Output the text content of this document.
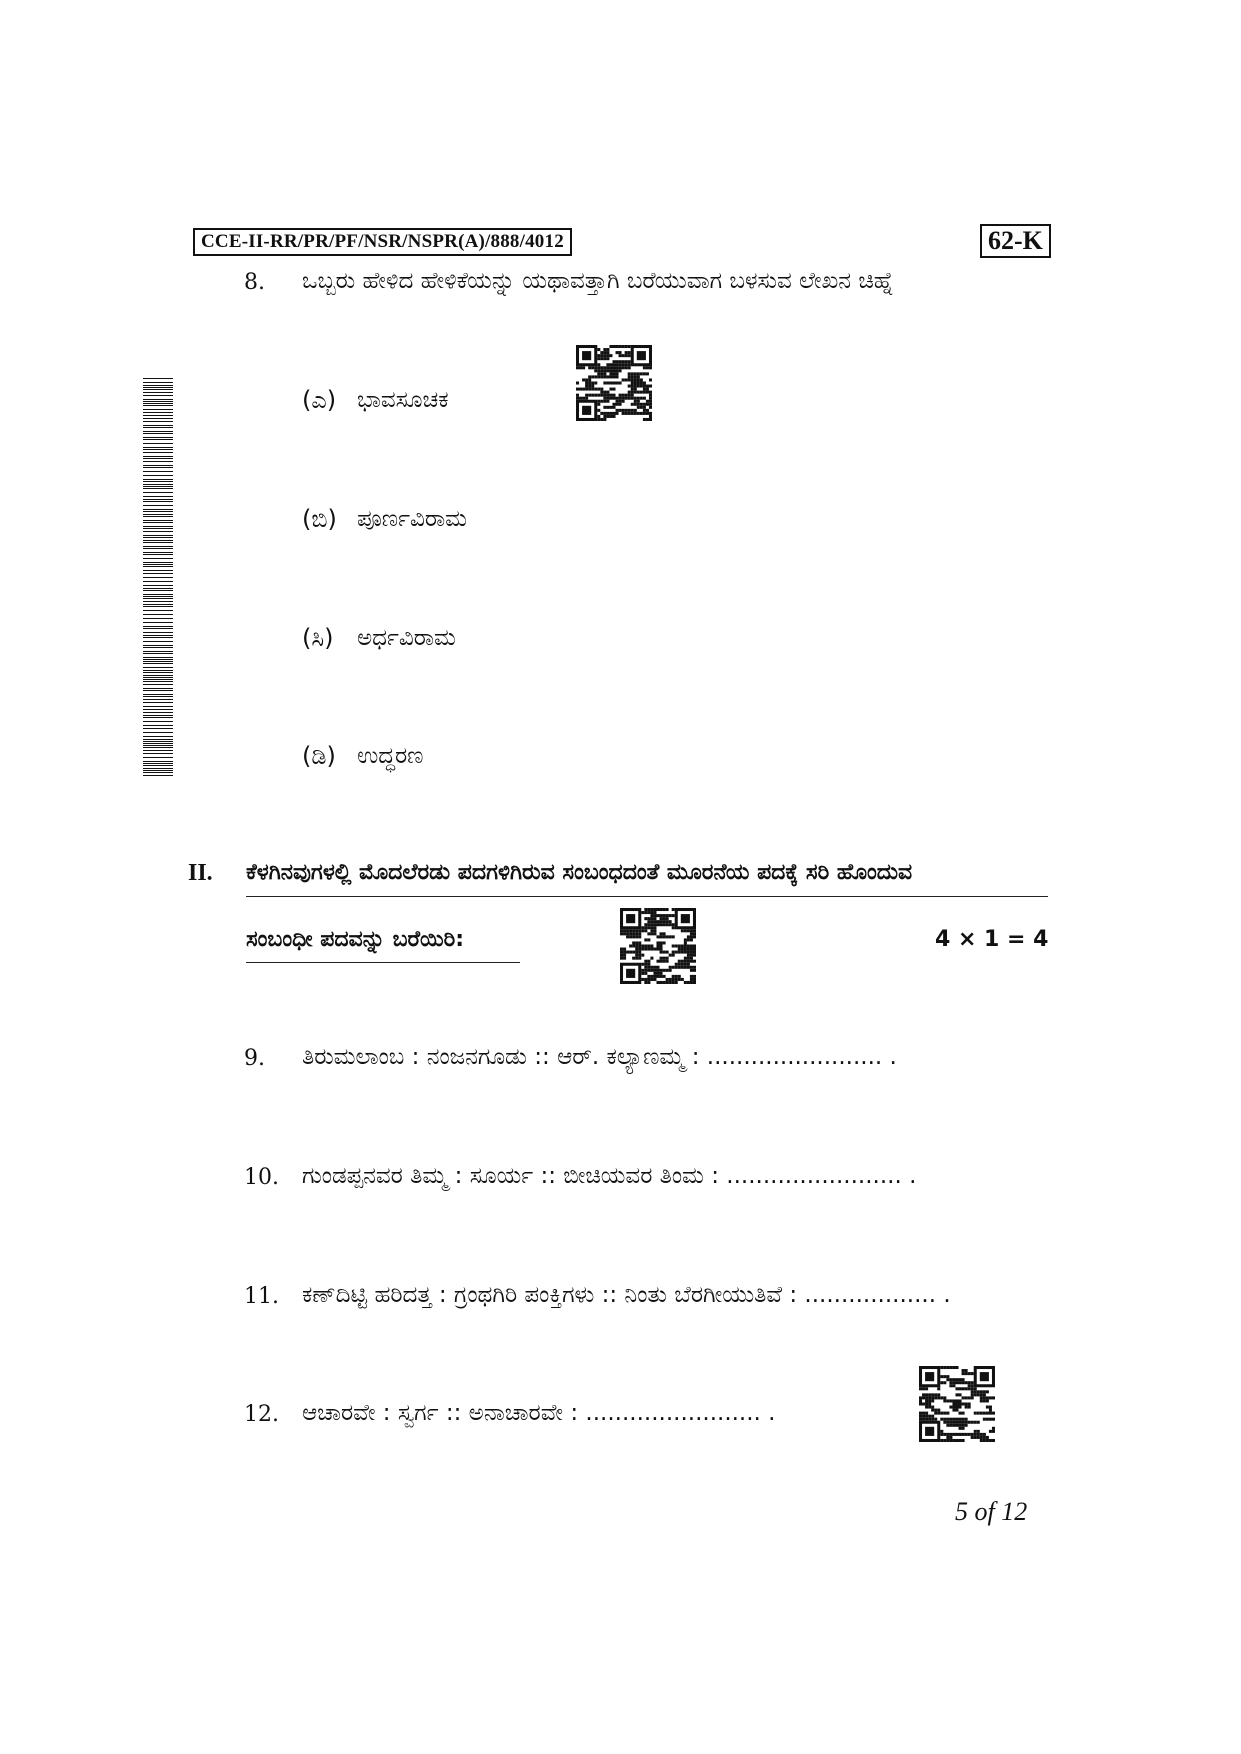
CCE-II-RR/PR/PF/NSR/NSPR(A)/888/4012	62-K
8. ಒಬ್ಬರು ಹೇಳಿದ ಹೇಳಿಕೆಯನ್ನು ಯಥಾವತ್ತಾಗಿ ಬರೆಯುವಾಗ ಬಳಸುವ ಲೇಖನ ಚಿಹ್ನೆ
(ಎ) ಭಾವಸೂಚಕ
(ಬಿ) ಪೂರ್ಣವಿರಾಮ
(ಸಿ) ಅರ್ಧವಿರಾಮ
(ಡಿ) ಉದ್ಧರಣ
II. ಕೆಳಗಿನವುಗಳಲ್ಲಿ ಮೊದಲೆರಡು ಪದಗಳಿಗಿರುವ ಸಂಬಂಧದಂತೆ ಮೂರನೆಯ ಪದಕ್ಕೆ ಸರಿ ಹೊಂದುವ
ಸಂಬಂಧೀ ಪದವನ್ನು ಬರೆಯಿರಿ:	4 × 1 = 4
9. ತಿರುಮಲಾಂಬ : ನಂಜನಗೂಡು :: ಆರ್. ಕಲ್ಯಾಣಮ್ಮ : ........................ .
10. ಗುಂಡಪ್ಪನವರ ತಿಮ್ಮ : ಸೂರ್ಯ :: ಬೀಚಿಯವರ ತಿಂಮ : ........................ .
11. ಕಣ್‌ದಿಟ್ಟಿ ಹರಿದತ್ತ : ಗ್ರಂಥಗಿರಿ ಪಂಕ್ತಿಗಳು :: ನಿಂತು ಬೆರಗೀಯುತಿವೆ : .................. .
12. ಆಚಾರವೇ : ಸ್ವರ್ಗ :: ಅನಾಚಾರವೇ : ........................ .
5 of 12
